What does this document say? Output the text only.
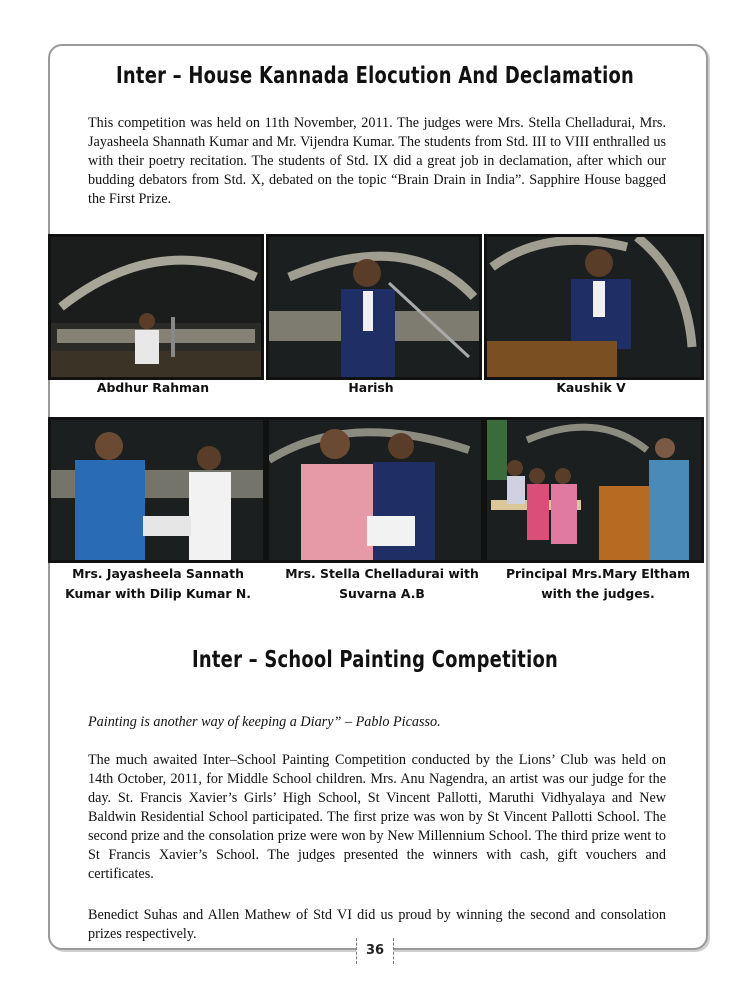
Inter – House Kannada Elocution And Declamation
This competition was held on 11th November, 2011. The judges were Mrs. Stella Chelladurai, Mrs. Jayasheela Shannath Kumar and Mr. Vijendra Kumar. The students from Std. III to VIII enthralled us with their poetry recitation. The students of Std. IX did a great job in declamation, after which our budding debators from Std. X, debated on the topic “Brain Drain in India”. Sapphire House bagged the First Prize.
Abdhur Rahman	Harish	Kaushik V
Mrs. Jayasheela Sannath
Kumar with Dilip Kumar N.
Mrs. Stella Chelladurai with
Suvarna A.B
Principal Mrs.Mary Eltham
with the judges.
Inter – School Painting Competition
Painting is another way of keeping a Diary” – Pablo Picasso.
The much awaited Inter–School Painting Competition conducted by the Lions’ Club was held on 14th October, 2011, for Middle School children. Mrs. Anu Nagendra, an artist was our judge for the day. St. Francis Xavier’s Girls’ High School, St Vincent Pallotti, Maruthi Vidhyalaya and New Baldwin Residential School participated. The first prize was won by St Vincent Pallotti School. The second prize and the consolation prize were won by New Millennium School. The third prize went to St Francis Xavier’s School. The judges presented the winners with cash, gift vouchers and certificates.
Benedict Suhas and Allen Mathew of Std VI did us proud by winning the second and consolation prizes respectively.
36
